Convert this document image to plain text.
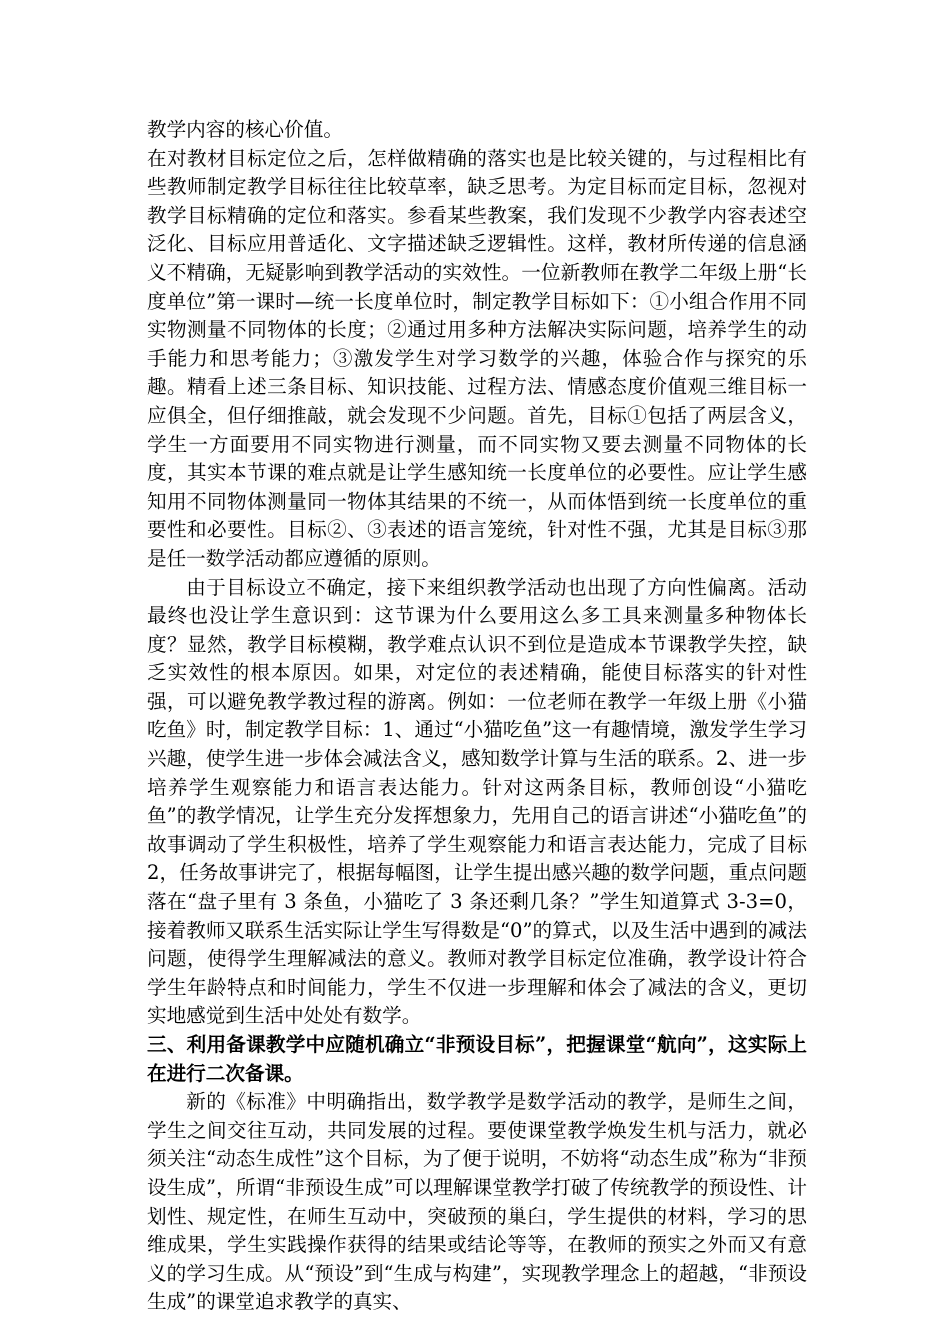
教学内容的核心价值。

在对教材目标定位之后，怎样做精确的落实也是比较关键的，与过程相比有些教师制定教学目标往往比较草率，缺乏思考。为定目标而定目标，忽视对教学目标精确的定位和落实。参看某些教案，我们发现不少教学内容表述空泛化、目标应用普适化、文字描述缺乏逻辑性。这样，教材所传递的信息涵义不精确，无疑影响到教学活动的实效性。一位新教师在教学二年级上册“长度单位”第一课时—统一长度单位时，制定教学目标如下：①小组合作用不同实物测量不同物体的长度；②通过用多种方法解决实际问题，培养学生的动手能力和思考能力；③激发学生对学习数学的兴趣，体验合作与探究的乐趣。精看上述三条目标、知识技能、过程方法、情感态度价值观三维目标一应俱全，但仔细推敲，就会发现不少问题。首先，目标①包括了两层含义，学生一方面要用不同实物进行测量，而不同实物又要去测量不同物体的长度，其实本节课的难点就是让学生感知统一长度单位的必要性。应让学生感知用不同物体测量同一物体其结果的不统一，从而体悟到统一长度单位的重要性和必要性。目标②、③表述的语言笼统，针对性不强，尤其是目标③那是任一数学活动都应遵循的原则。

由于目标设立不确定，接下来组织教学活动也出现了方向性偏离。活动最终也没让学生意识到：这节课为什么要用这么多工具来测量多种物体长度？显然，教学目标模糊，教学难点认识不到位是造成本节课教学失控，缺乏实效性的根本原因。如果，对定位的表述精确，能使目标落实的针对性强，可以避免教学教过程的游离。例如：一位老师在教学一年级上册《小猫吃鱼》时，制定教学目标：1、通过“小猫吃鱼”这一有趣情境，激发学生学习兴趣，使学生进一步体会减法含义，感知数学计算与生活的联系。2、进一步培养学生观察能力和语言表达能力。针对这两条目标，教师创设“小猫吃鱼”的教学情况，让学生充分发挥想象力，先用自己的语言讲述“小猫吃鱼”的故事调动了学生积极性，培养了学生观察能力和语言表达能力，完成了目标 2，任务故事讲完了，根据每幅图，让学生提出感兴趣的数学问题，重点问题落在“盘子里有 3 条鱼，小猫吃了 3 条还剩几条？”学生知道算式 3-3=0，接着教师又联系生活实际让学生写得数是“0”的算式，以及生活中遇到的减法问题，使得学生理解减法的意义。教师对教学目标定位准确，教学设计符合学生年龄特点和时间能力，学生不仅进一步理解和体会了减法的含义，更切实地感觉到生活中处处有数学。

三、利用备课教学中应随机确立“非预设目标”，把握课堂“航向”，这实际上在进行二次备课。

新的《标准》中明确指出，数学教学是数学活动的教学，是师生之间，学生之间交往互动，共同发展的过程。要使课堂教学焕发生机与活力，就必须关注“动态生成性”这个目标，为了便于说明，不妨将“动态生成”称为“非预设生成”，所谓“非预设生成”可以理解课堂教学打破了传统教学的预设性、计划性、规定性，在师生互动中，突破预的巢臼，学生提供的材料，学习的思维成果，学生实践操作获得的结果或结论等等，在教师的预实之外而又有意义的学习生成。从“预设”到“生成与构建”，实现教学理念上的超越，“非预设生成”的课堂追求教学的真实、
